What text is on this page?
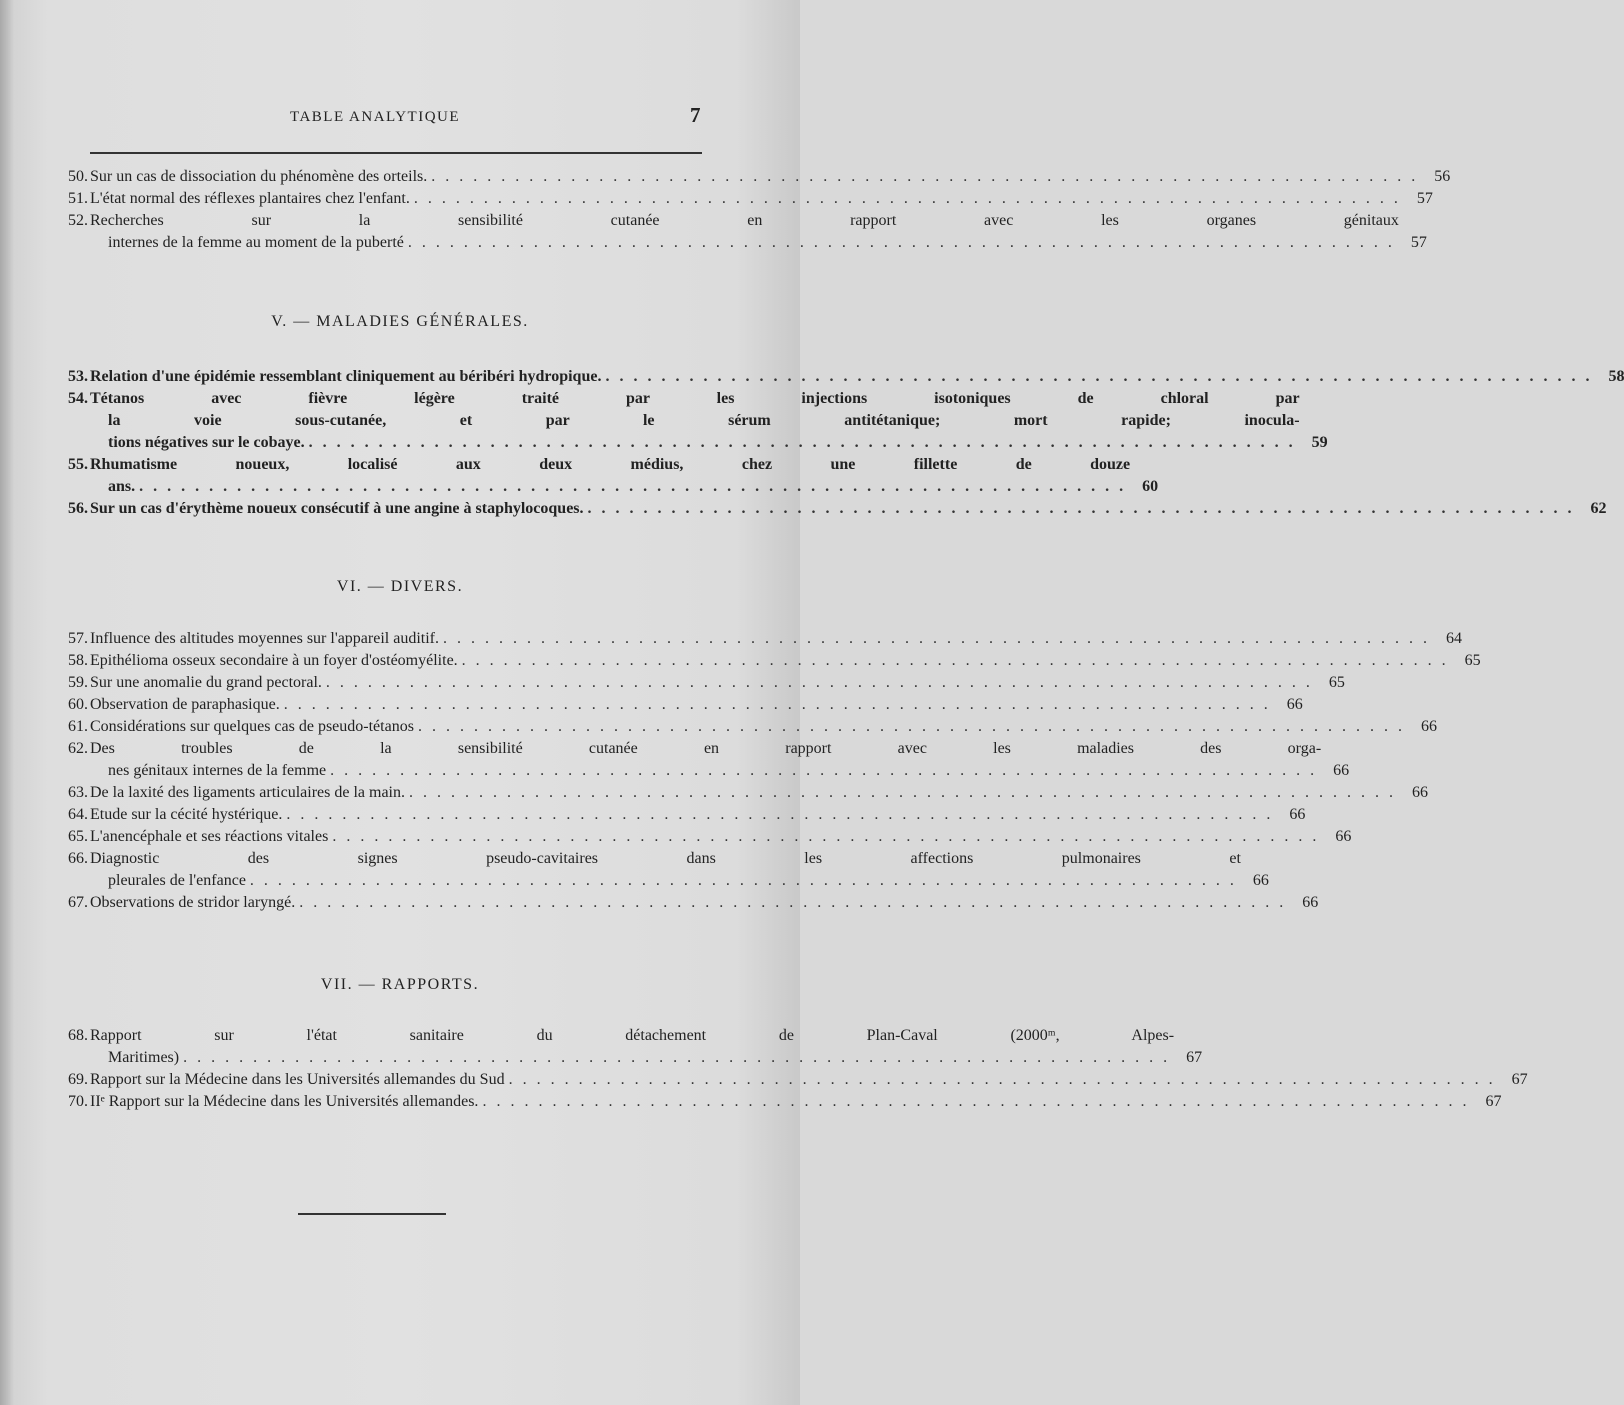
TABLE ANALYTIQUE	7
50. Sur un cas de dissociation du phénomène des orteils. . . .	56
51. L'état normal des réflexes plantaires chez l'enfant. . . .	57
52. Recherches sur la sensibilité cutanée en rapport avec les organes génitaux
internes de la femme au moment de la puberté . . .	57
V. — MALADIES GÉNÉRALES.
53. Relation d'une épidémie ressemblant cliniquement au béribéri hydropique. . . .	58
54. Tétanos avec fièvre légère traité par les injections isotoniques de chloral par
la voie sous-cutanée, et par le sérum antitétanique; mort rapide; inocula-
tions négatives sur le cobaye. . . .	59
55. Rhumatisme noueux, localisé aux deux médius, chez une fillette de douze
ans. . . .	60
56. Sur un cas d'érythème noueux consécutif à une angine à staphylocoques. . . .	62
VI. — DIVERS.
57. Influence des altitudes moyennes sur l'appareil auditif. . . .	64
58. Epithélioma osseux secondaire à un foyer d'ostéomyélite. . . .	65
59. Sur une anomalie du grand pectoral. . . .	65
60. Observation de paraphasique. . . .	66
61. Considérations sur quelques cas de pseudo-tétanos . . .	66
62. Des troubles de la sensibilité cutanée en rapport avec les maladies des orga-
nes génitaux internes de la femme . . .	66
63. De la laxité des ligaments articulaires de la main. . . .	66
64. Etude sur la cécité hystérique. . . .	66
65. L'anencéphale et ses réactions vitales . . .	66
66. Diagnostic des signes pseudo-cavitaires dans les affections pulmonaires et
pleurales de l'enfance . . .	66
67. Observations de stridor laryngé. . . .	66
VII. — RAPPORTS.
68. Rapport sur l'état sanitaire du détachement de Plan-Caval (2000ᵐ, Alpes-
Maritimes) . . .	67
69. Rapport sur la Médecine dans les Universités allemandes du Sud . . .	67
70. IIᵉ Rapport sur la Médecine dans les Universités allemandes. . . .	67
